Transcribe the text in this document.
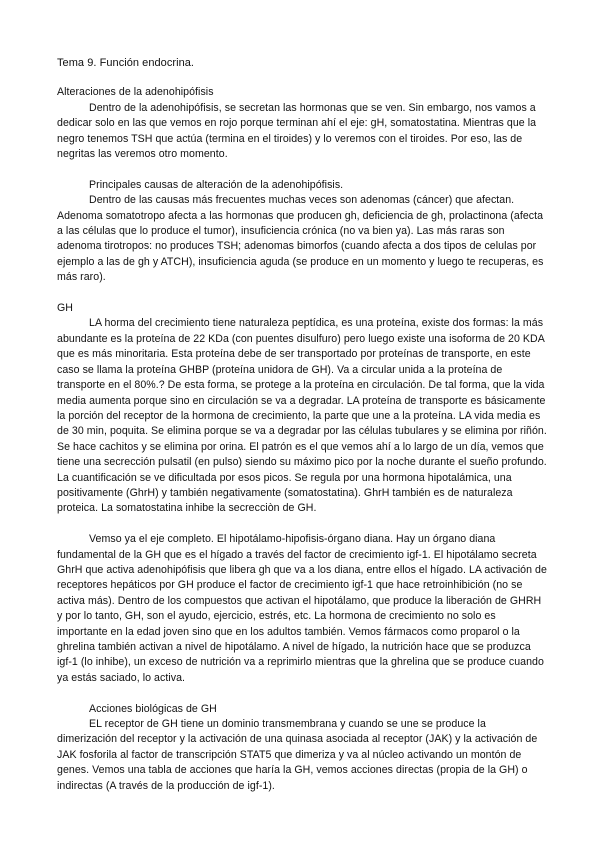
Tema 9. Función endocrina.

Alteraciones de la adenohipófisis

Dentro de la adenohipófisis, se secretan las hormonas que se ven. Sin embargo, nos vamos a dedicar solo en las que vemos en rojo porque terminan ahí el eje: gH, somatostatina. Mientras que la negro tenemos TSH que actúa (termina en el tiroides) y lo veremos con el tiroides. Por eso, las de negritas las veremos otro momento.

Principales causas de alteración de la adenohipófisis.

Dentro de las causas más frecuentes muchas veces son adenomas (cáncer) que afectan. Adenoma somatotropo afecta a las hormonas que producen gh, deficiencia de gh, prolactinona (afecta a las células que lo produce el tumor), insuficiencia crónica (no va bien ya). Las más raras son adenoma tirotropos: no produces TSH; adenomas bimorfos (cuando afecta a dos tipos de celulas por ejemplo a las de gh y ATCH), insuficiencia aguda (se produce en un momento y luego te recuperas, es más raro).

GH

LA horma del crecimiento tiene naturaleza peptídica, es una proteína, existe dos formas: la más abundante es la proteína de 22 KDa (con puentes disulfuro) pero luego existe una isoforma de 20 KDA que es más minoritaria. Esta proteína debe de ser transportado por proteínas de transporte, en este caso se llama la proteína GHBP (proteína unidora de GH). Va a circular unida a la proteína de transporte en el 80%.? De esta forma, se protege a la proteína en circulación. De tal forma, que la vida media aumenta porque sino en circulación se va a degradar. LA proteína de transporte es básicamente la porción del receptor de la hormona de crecimiento, la parte que une a la proteína. LA vida media es de 30 min, poquita. Se elimina porque se va a degradar por las células tubulares y se elimina por riñón. Se hace cachitos y se elimina por orina. El patrón es el que vemos ahí a lo largo de un día, vemos que tiene una secrección pulsatil (en pulso) siendo su máximo pico por la noche durante el sueño profundo. La cuantificación se ve dificultada por esos picos. Se regula por una hormona hipotalámica, una positivamente (GhrH) y también negativamente (somatostatina). GhrH también es de naturaleza proteica. La somatostatina inhibe la secrecciòn de GH.

Vemso ya el eje completo. El hipotálamo-hipofisis-órgano diana. Hay un órgano diana fundamental de la GH que es el hígado a través del factor de crecimiento igf-1. El hipotálamo secreta GhrH que activa adenohipófisis que libera gh que va a los diana, entre ellos el hígado. LA activación de receptores hepáticos por GH produce el factor de crecimiento igf-1 que hace retroinhibición (no se activa más). Dentro de los compuestos que activan el hipotálamo, que produce la liberación de GHRH y por lo tanto, GH, son el ayudo, ejercicio, estrés, etc. La hormona de crecimiento no solo es importante en la edad joven sino que en los adultos también. Vemos fármacos como proparol o la ghrelina también activan a nivel de hipotálamo. A nivel de hígado, la nutrición hace que se produzca igf-1 (lo inhibe), un exceso de nutrición va a reprimirlo mientras que la ghrelina que se produce cuando ya estás saciado, lo activa.

Acciones biológicas de GH

EL receptor de GH tiene un dominio transmembrana y cuando se une se produce la dimerización del receptor y la activación de una quinasa asociada al receptor (JAK) y la activación de JAK fosforila al factor de transcripción STAT5 que dimeriza y va al núcleo activando un montón de genes. Vemos una tabla de acciones que haría la GH, vemos acciones directas (propia de la GH) o indirectas (A través de la producción de igf-1).
